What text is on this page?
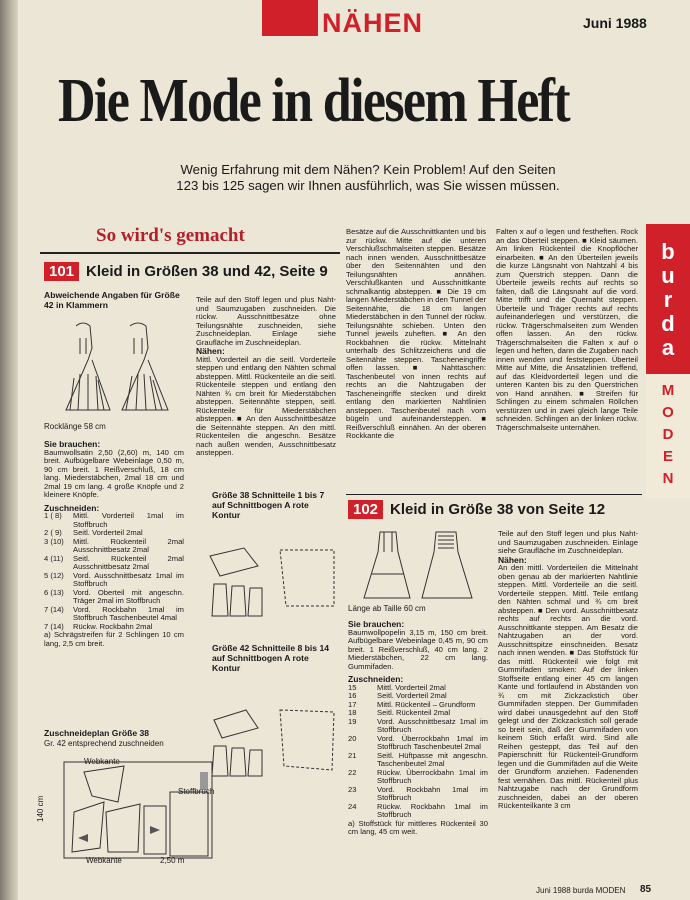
NÄHEN	Juni 1988
Die Mode in diesem Heft
Wenig Erfahrung mit dem Nähen? Kein Problem! Auf den Seiten 123 bis 125 sagen wir Ihnen ausführlich, was Sie wissen müssen.
So wird's gemacht
101 Kleid in Größen 38 und 42, Seite 9
Abweichende Angaben für Größe 42 in Klammern
Rocklänge 58 cm
Sie brauchen:
Baumwollsatin 2,50 (2,60) m, 140 cm breit. Aufbügelbare Webeinlage 0,50 m, 90 cm breit. 1 Reißverschluß, 18 cm lang. Miederstäbchen, 2mal 18 cm und 2mal 19 cm lang. 4 große Knöpfe und 2 kleinere Knöpfe.
Zuschneiden:
1 ( 8)	Mittl. Vorderteil 1mal im Stoffbruch
2 ( 9)	Seitl. Vorderteil 2mal
3 (10)	Mittl. Rückenteil 2mal Ausschnittbesatz 2mal
4 (11)	Seitl. Rückenteil 2mal Ausschnittbesatz 2mal
5 (12)	Vord. Ausschnittbesatz 1mal im Stoffbruch
6 (13)	Vord. Oberteil mit angeschn. Träger 2mal im Stoffbruch
7 (14)	Vord. Rockbahn 1mal im Stoffbruch Taschenbeutel 4mal
7 (14)	Rückw. Rockbahn 2mal
a) Schrägstreifen für 2 Schlingen 10 cm lang, 2,5 cm breit.
Zuschneideplan Größe 38
Gr. 42 entsprechend zuschneiden
Webkante
Stoffbruch
Webkante
140 cm
2,50 m
Teile auf den Stoff legen und plus Naht- und Saumzugaben zuschneiden. Die rückw. Ausschnittbesätze ohne Teilungsnähte zuschneiden, siehe Zuschneideplan. Einlage siehe Graufläche im Zuschneideplan.
Nähen:
Mittl. Vorderteil an die seitl. Vorderteile steppen und entlang den Nähten schmal absteppen. Mittl. Rückenteile an die seitl. Rückenteile steppen und entlang den Nähten ¾ cm breit für Miederstäbchen absteppen. Seitennähte steppen, seitl. Rückenteile für Miederstäbchen absteppen. ■ An den Ausschnittbesätze die Seitennähte steppen. An den mittl. Rückenteilen die angeschn. Besätze nach außen wenden, Ausschnittbesatz ansteppen.
Größe 38 Schnitteile 1 bis 7 auf Schnittbogen A rote Kontur
Größe 42 Schnitteile 8 bis 14 auf Schnittbogen A rote Kontur
Besätze auf die Ausschnittkanten und bis zur rückw. Mitte auf die unteren Verschlußschmalseiten steppen. Besätze nach innen wenden. Ausschnittbesätze über den Seitennähten und den Teilungsnähten annähen. Verschlußkanten und Ausschnittkante schmalkantig absteppen. ■ Die 19 cm langen Miederstäbchen in den Tunnel der Seitennähte, die 18 cm langen Miederstäbchen in den Tunnel der rückw. Teilungsnähte schieben. Unten den Tunnel jeweils zuheften. ■ An den Rockbahnen die rückw. Mittelnaht unterhalb des Schlitzzeichens und die Seitennähte steppen. Tascheneingriffe offen lassen. ■ Nahttaschen: Taschenbeutel von innen rechts auf rechts an die Nahtzugaben der Tascheneingriffe stecken und direkt entlang den markierten Nahtlinien ansteppen. Taschenbeutel nach vorn bügeln und aufeinandersteppen. ■ Reißverschluß einnähen. An der oberen Rockkante die
Falten x auf o legen und festheften. Rock an das Oberteil steppen. ■ Kleid säumen. Am linken Rückenteil die Knopflöcher einarbeiten. ■ An den Überteilen jeweils die kurze Längsnaht von Nahtzahl 4 bis zum Querstrich steppen. Dann die Überteile jeweils rechts auf rechts so falten, daß die Längsnaht auf die vord. Mitte trifft und die Quernaht steppen. Überteile und Träger rechts auf rechts aufeinanderlegen und verstürzen, die rückw. Trägerschmalseiten zum Wenden offen lassen. An den rückw. Trägerschmalseiten die Falten x auf o legen und heften, dann die Zugaben nach innen wenden und feststeppen. Überteil Mitte auf Mitte, die Ansatzlinien treffend, auf das Kleidvorderteil legen und die unteren Kanten bis zu den Querstrichen von Hand annähen. ■ Streifen für Schlingen zu einem schmalen Röllchen verstürzen und in zwei gleich lange Teile schneiden. Schlingen an der linken rückw. Trägerschmalseite unternähen.
b
u
r
d
a
M
O
D
E
N
102 Kleid in Größe 38 von Seite 12
Länge ab Taille 60 cm
Sie brauchen:
Baumwollpopelin 3,15 m, 150 cm breit. Aufbügelbare Webeinlage 0,45 m, 90 cm breit. 1 Reißverschluß, 40 cm lang. 2 Miederstäbchen, 22 cm lang. Gummifaden.
Zuschneiden:
15	Mittl. Vorderteil 2mal
16	Seitl. Vorderteil 2mal
17	Mittl. Rückenteil – Grundform
18	Seitl. Rückenteil 2mal
19	Vord. Ausschnittbesatz 1mal im Stoffbruch
20	Vord. Überrockbahn 1mal im Stoffbruch Taschenbeutel 2mal
21	Seitl. Hüftpasse mit angeschn. Taschenbeutel 2mal
22	Rückw. Überrockbahn 1mal im Stoffbruch
23	Vord. Rockbahn 1mal im Stoffbruch
24	Rückw. Rockbahn 1mal im Stoffbruch
a) Stoffstück für mittleres Rückenteil 30 cm lang, 45 cm weit.
Teile auf den Stoff legen und plus Naht- und Saumzugaben zuschneiden. Einlage siehe Graufläche im Zuschneideplan.
Nähen:
An den mittl. Vorderteilen die Mittelnaht oben genau ab der markierten Nahtlinie steppen. Mittl. Vorderteile an die seitl. Vorderteile steppen. Mittl. Teile entlang den Nähten schmal und ¾ cm breit absteppen. ■ Den vord. Ausschnittbesatz rechts auf rechts an die vord. Ausschnittkante steppen. Am Besatz die Nahtzugaben an der vord. Ausschnittspitze einschneiden. Besatz nach innen wenden. ■ Das Stoffstück für das mittl. Rückenteil wie folgt mit Gummifaden smoken: Auf der linken Stoffseite entlang einer 45 cm langen Kante und fortlaufend in Abständen von ¾ cm mit Zickzackstich über Gummifaden steppen. Der Gummifaden wird dabei unausgedehnt auf den Stoff gelegt und der Zickzackstich soll gerade so breit sein, daß der Gummifaden von keinem Stich erfaßt wird. Sind alle Reihen gesteppt, das Teil auf den Papierschnitt für Rückenteil-Grundform legen und die Gummifäden auf die Weite der Grundform anziehen. Fadenenden fest vernähen. Das mittl. Rückenteil plus Nahtzugabe nach der Grundform zuschneiden, dabei an der oberen Rückenteilkante 3 cm
Juni 1988 burda MODEN 85
